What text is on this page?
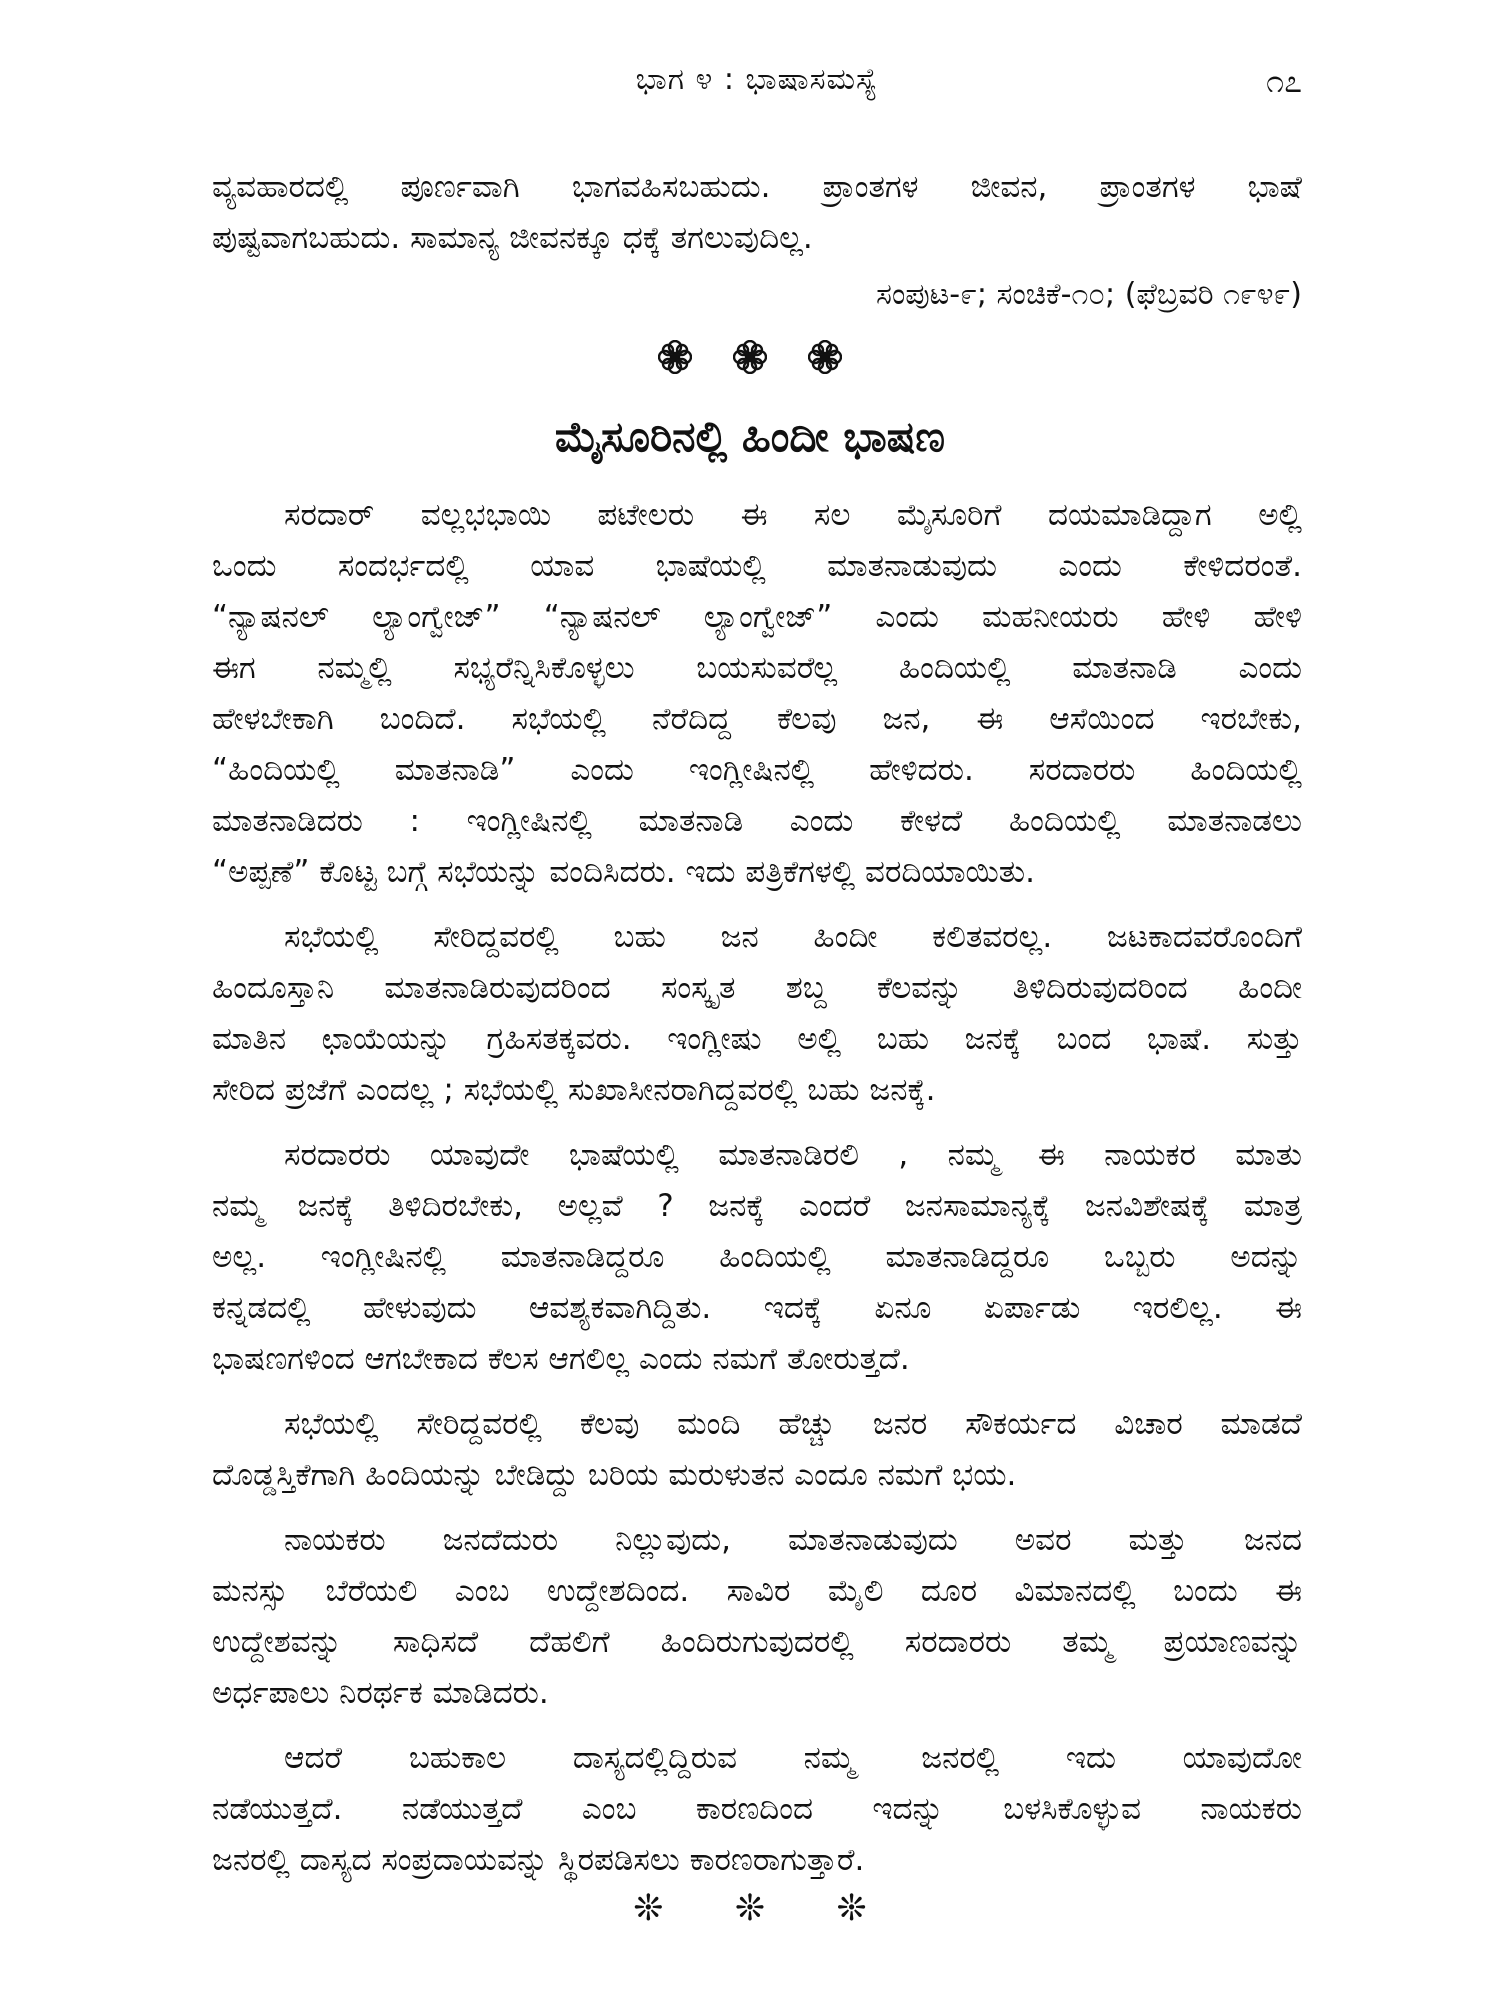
ಭಾಗ ೪ : ಭಾಷಾಸಮಸ್ಯೆ	೧೭
ವ್ಯವಹಾರದಲ್ಲಿ ಪೂರ್ಣವಾಗಿ ಭಾಗವಹಿಸಬಹುದು. ಪ್ರಾಂತಗಳ ಜೀವನ, ಪ್ರಾಂತಗಳ ಭಾಷೆ
ಪುಷ್ಟವಾಗಬಹುದು. ಸಾಮಾನ್ಯ ಜೀವನಕ್ಕೂ ಧಕ್ಕೆ ತಗಲುವುದಿಲ್ಲ.
ಸಂಪುಟ-೯; ಸಂಚಿಕೆ-೧೦; (ಫೆಬ್ರವರಿ ೧೯೪೯)

ಮೈಸೂರಿನಲ್ಲಿ ಹಿಂದೀ ಭಾಷಣ
ಸರದಾರ್ ವಲ್ಲಭಭಾಯಿ ಪಟೇಲರು ಈ ಸಲ ಮೈಸೂರಿಗೆ ದಯಮಾಡಿದ್ದಾಗ ಅಲ್ಲಿ
ಒಂದು ಸಂದರ್ಭದಲ್ಲಿ ಯಾವ ಭಾಷೆಯಲ್ಲಿ ಮಾತನಾಡುವುದು ಎಂದು ಕೇಳಿದರಂತೆ.
“ನ್ಯಾಷನಲ್ ಲ್ಯಾಂಗ್ವೇಜ್” “ನ್ಯಾಷನಲ್ ಲ್ಯಾಂಗ್ವೇಜ್” ಎಂದು ಮಹನೀಯರು ಹೇಳಿ ಹೇಳಿ
ಈಗ ನಮ್ಮಲ್ಲಿ ಸಭ್ಯರೆನ್ನಿಸಿಕೊಳ್ಳಲು ಬಯಸುವರೆಲ್ಲ ಹಿಂದಿಯಲ್ಲಿ ಮಾತನಾಡಿ ಎಂದು
ಹೇಳಬೇಕಾಗಿ ಬಂದಿದೆ. ಸಭೆಯಲ್ಲಿ ನೆರೆದಿದ್ದ ಕೆಲವು ಜನ, ಈ ಆಸೆಯಿಂದ ಇರಬೇಕು,
“ಹಿಂದಿಯಲ್ಲಿ ಮಾತನಾಡಿ” ಎಂದು ಇಂಗ್ಲೀಷಿನಲ್ಲಿ ಹೇಳಿದರು. ಸರದಾರರು ಹಿಂದಿಯಲ್ಲಿ
ಮಾತನಾಡಿದರು : ಇಂಗ್ಲೀಷಿನಲ್ಲಿ ಮಾತನಾಡಿ ಎಂದು ಕೇಳದೆ ಹಿಂದಿಯಲ್ಲಿ ಮಾತನಾಡಲು
“ಅಪ್ಪಣೆ” ಕೊಟ್ಟ ಬಗ್ಗೆ ಸಭೆಯನ್ನು ವಂದಿಸಿದರು. ಇದು ಪತ್ರಿಕೆಗಳಲ್ಲಿ ವರದಿಯಾಯಿತು.
ಸಭೆಯಲ್ಲಿ ಸೇರಿದ್ದವರಲ್ಲಿ ಬಹು ಜನ ಹಿಂದೀ ಕಲಿತವರಲ್ಲ. ಜಟಕಾದವರೊಂದಿಗೆ
ಹಿಂದೂಸ್ತಾನಿ ಮಾತನಾಡಿರುವುದರಿಂದ ಸಂಸ್ಕೃತ ಶಬ್ದ ಕೆಲವನ್ನು ತಿಳಿದಿರುವುದರಿಂದ ಹಿಂದೀ
ಮಾತಿನ ಛಾಯೆಯನ್ನು ಗ್ರಹಿಸತಕ್ಕವರು. ಇಂಗ್ಲೀಷು ಅಲ್ಲಿ ಬಹು ಜನಕ್ಕೆ ಬಂದ ಭಾಷೆ. ಸುತ್ತು
ಸೇರಿದ ಪ್ರಜೆಗೆ ಎಂದಲ್ಲ ; ಸಭೆಯಲ್ಲಿ ಸುಖಾಸೀನರಾಗಿದ್ದವರಲ್ಲಿ ಬಹು ಜನಕ್ಕೆ.
ಸರದಾರರು ಯಾವುದೇ ಭಾಷೆಯಲ್ಲಿ ಮಾತನಾಡಿರಲಿ , ನಮ್ಮ ಈ ನಾಯಕರ ಮಾತು
ನಮ್ಮ ಜನಕ್ಕೆ ತಿಳಿದಿರಬೇಕು, ಅಲ್ಲವೆ ? ಜನಕ್ಕೆ ಎಂದರೆ ಜನಸಾಮಾನ್ಯಕ್ಕೆ ಜನವಿಶೇಷಕ್ಕೆ ಮಾತ್ರ
ಅಲ್ಲ. ಇಂಗ್ಲೀಷಿನಲ್ಲಿ ಮಾತನಾಡಿದ್ದರೂ ಹಿಂದಿಯಲ್ಲಿ ಮಾತನಾಡಿದ್ದರೂ ಒಬ್ಬರು ಅದನ್ನು
ಕನ್ನಡದಲ್ಲಿ ಹೇಳುವುದು ಆವಶ್ಯಕವಾಗಿದ್ದಿತು. ಇದಕ್ಕೆ ಏನೂ ಏರ್ಪಾಡು ಇರಲಿಲ್ಲ. ಈ
ಭಾಷಣಗಳಿಂದ ಆಗಬೇಕಾದ ಕೆಲಸ ಆಗಲಿಲ್ಲ ಎಂದು ನಮಗೆ ತೋರುತ್ತದೆ.
ಸಭೆಯಲ್ಲಿ ಸೇರಿದ್ದವರಲ್ಲಿ ಕೆಲವು ಮಂದಿ ಹೆಚ್ಚು ಜನರ ಸೌಕರ್ಯದ ವಿಚಾರ ಮಾಡದೆ
ದೊಡ್ಡಸ್ತಿಕೆಗಾಗಿ ಹಿಂದಿಯನ್ನು ಬೇಡಿದ್ದು ಬರಿಯ ಮರುಳುತನ ಎಂದೂ ನಮಗೆ ಭಯ.
ನಾಯಕರು ಜನದೆದುರು ನಿಲ್ಲುವುದು, ಮಾತನಾಡುವುದು ಅವರ ಮತ್ತು ಜನದ
ಮನಸ್ಸು ಬೆರೆಯಲಿ ಎಂಬ ಉದ್ದೇಶದಿಂದ. ಸಾವಿರ ಮೈಲಿ ದೂರ ವಿಮಾನದಲ್ಲಿ ಬಂದು ಈ
ಉದ್ದೇಶವನ್ನು ಸಾಧಿಸದೆ ದೆಹಲಿಗೆ ಹಿಂದಿರುಗುವುದರಲ್ಲಿ ಸರದಾರರು ತಮ್ಮ ಪ್ರಯಾಣವನ್ನು
ಅರ್ಧಪಾಲು ನಿರರ್ಥಕ ಮಾಡಿದರು.
ಆದರೆ ಬಹುಕಾಲ ದಾಸ್ಯದಲ್ಲಿದ್ದಿರುವ ನಮ್ಮ ಜನರಲ್ಲಿ ಇದು ಯಾವುದೋ
ನಡೆಯುತ್ತದೆ. ನಡೆಯುತ್ತದೆ ಎಂಬ ಕಾರಣದಿಂದ ಇದನ್ನು ಬಳಸಿಕೊಳ್ಳುವ ನಾಯಕರು
ಜನರಲ್ಲಿ ದಾಸ್ಯದ ಸಂಪ್ರದಾಯವನ್ನು ಸ್ಥಿರಪಡಿಸಲು ಕಾರಣರಾಗುತ್ತಾರೆ.
❊ ❊ ❊
